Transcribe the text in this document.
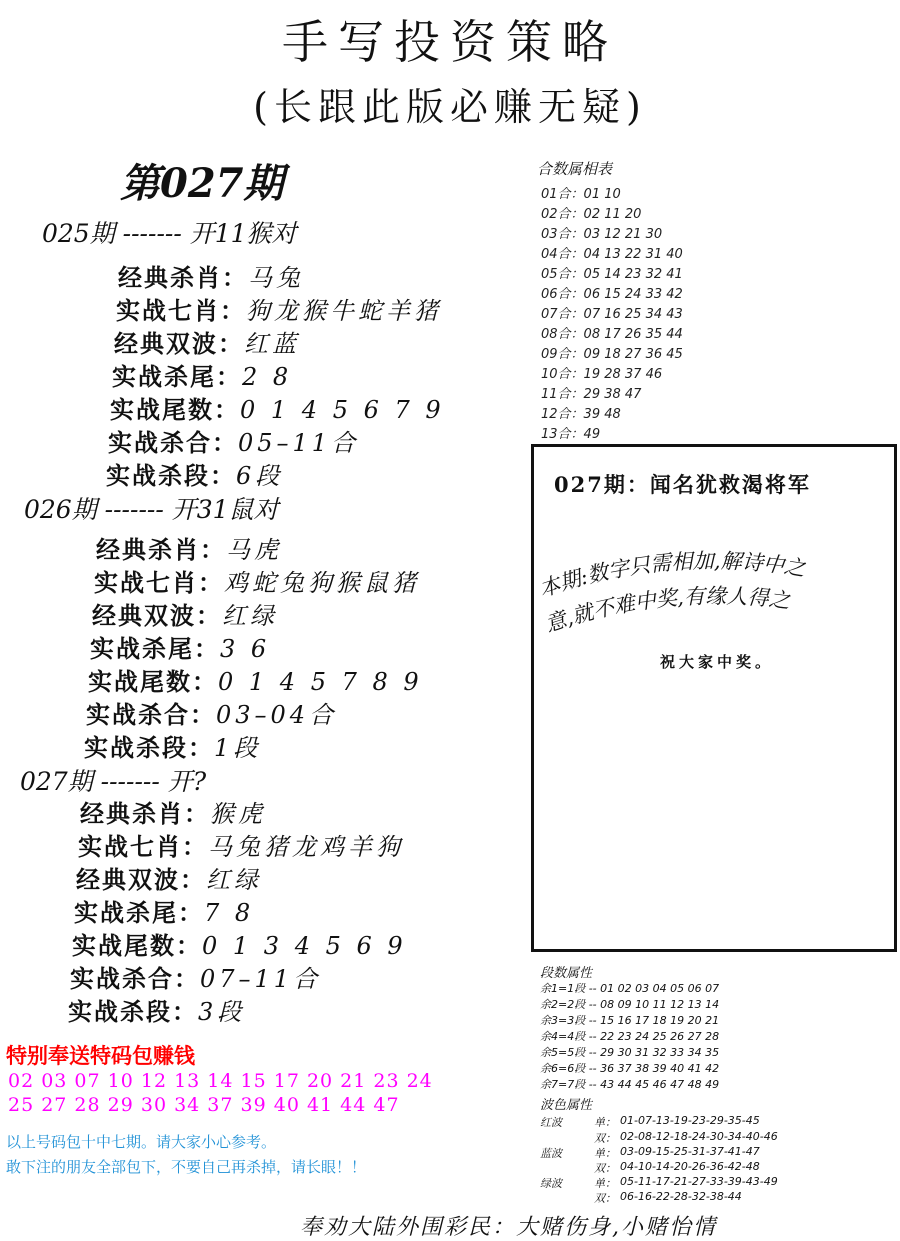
手写投资策略
(长跟此版必赚无疑)
第027期
025期 ------- 开11猴对
经典杀肖：马兔
实战七肖：狗龙猴牛蛇羊猪
经典双波：红蓝
实战杀尾：2 8
实战尾数：0 1 4 5 6 7 9
实战杀合：05–11合
实战杀段：6段
026期 ------- 开31鼠对
经典杀肖：马虎
实战七肖：鸡蛇兔狗猴鼠猪
经典双波：红绿
实战杀尾：3 6
实战尾数：0 1 4 5 7 8 9
实战杀合：03–04合
实战杀段：1段
027期 ------- 开?
经典杀肖：猴虎
实战七肖：马兔猪龙鸡羊狗
经典双波：红绿
实战杀尾：7 8
实战尾数：0 1 3 4 5 6 9
实战杀合：07–11合
实战杀段：3段
合数属相表
01合：01 10
02合：02 11 20
03合：03 12 21 30
04合：04 13 22 31 40
05合：05 14 23 32 41
06合：06 15 24 33 42
07合：07 16 25 34 43
08合：08 17 26 35 44
09合：09 18 27 36 45
10合：19 28 37 46
11合：29 38 47
12合：39 48
13合：49
027期：闻名犹救渴将军
本期:数字只需相加,解诗中之
意,就不难中奖,有缘人得之
祝大家中奖。
段数属性
余1=1段 -- 01 02 03 04 05 06 07
余2=2段 -- 08 09 10 11 12 13 14
余3=3段 -- 15 16 17 18 19 20 21
余4=4段 -- 22 23 24 25 26 27 28
余5=5段 -- 29 30 31 32 33 34 35
余6=6段 -- 36 37 38 39 40 41 42
余7=7段 -- 43 44 45 46 47 48 49
波色属性
红波	单： 01-07-13-19-23-29-35-45
双： 02-08-12-18-24-30-34-40-46
蓝波	单： 03-09-15-25-31-37-41-47
双： 04-10-14-20-26-36-42-48
绿波	单： 05-11-17-21-27-33-39-43-49
双： 06-16-22-28-32-38-44
特别奉送特码包赚钱
02 03 07 10 12 13 14 15 17 20 21 23 24
25 27 28 29 30 34 37 39 40 41 44 47
以上号码包十中七期。请大家小心参考。
敢下注的朋友全部包下，不要自己再杀掉，请长眼！！
奉劝大陆外围彩民：大赌伤身,小赌怡情
